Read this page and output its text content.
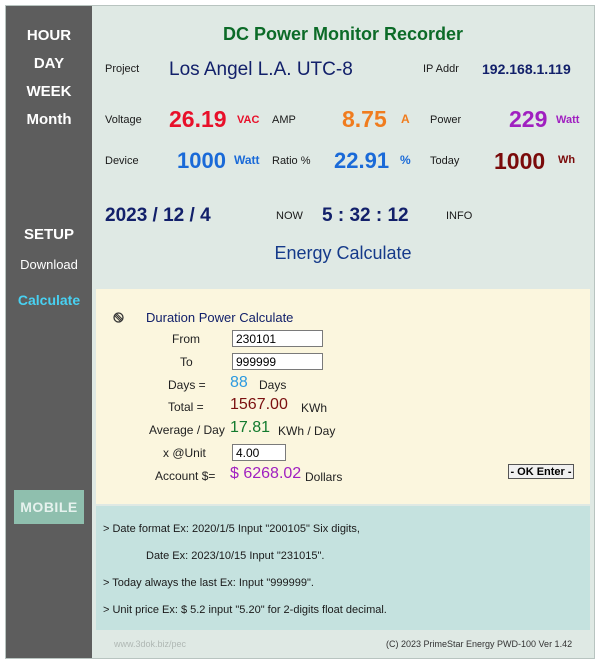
HOUR
DAY
WEEK
Month
SETUP
Download
Calculate
MOBILE
DC Power Monitor Recorder
Project Los Angel L.A. UTC-8	IP Addr 192.168.1.119
Voltage 26.19 VAC AMP 8.75 A Power 229 Watt
Device 1000 Watt Ratio % 22.91 % Today 1000 Wh
2023 / 12 / 4	NOW 5 : 32 : 12	INFO
Energy Calculate
Duration Power Calculate
From
230101
To
999999
Days = 88 Days
Total = 1567.00 KWh
Average / Day 17.81 KWh / Day
x @Unit
4.00
Account $= $ 6268.02 Dollars	- OK Enter -
> Date format Ex: 2020/1/5 Input "200105" Six digits,
Date Ex: 2023/10/15 Input "231015".
> Today always the last Ex: Input "999999".
> Unit price Ex: $ 5.2 input "5.20" for 2-digits float decimal.
www.3dok.biz/pec	(C) 2023 PrimeStar Energy PWD-100 Ver 1.42
